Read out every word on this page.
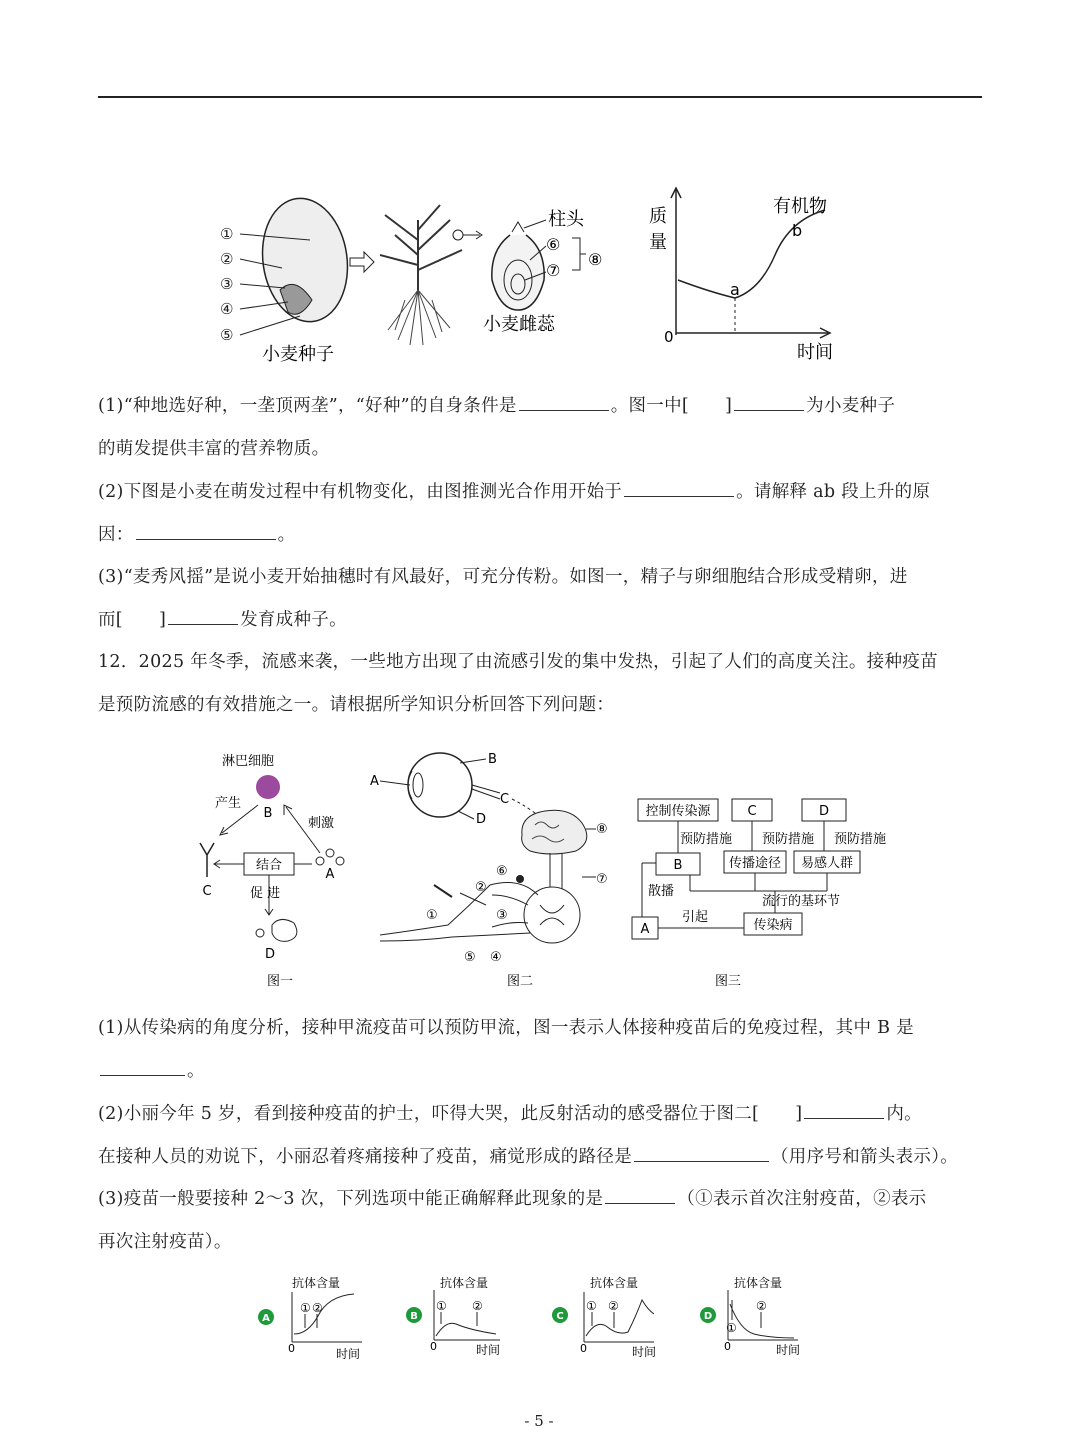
①
②
③
④
⑤
小麦种子
柱头
⑥
⑦
⑧
小麦雌蕊
质
量
0
时间
有机物
b
a
(1)“种地选好种，一垄顶两垄”，“好种”的自身条件是	。图一中[ ]	为小麦种子
的萌发提供丰富的营养物质。
(2)下图是小麦在萌发过程中有机物变化，由图推测光合作用开始于	。请解释 ab 段上升的原
因：	。
(3)“麦秀风摇”是说小麦开始抽穗时有风最好，可充分传粉。如图一，精子与卵细胞结合形成受精卵，进
而[ ]	发育成种子。
12．2025 年冬季，流感来袭，一些地方出现了由流感引发的集中发热，引起了人们的高度关注。接种疫苗
是预防流感的有效措施之一。请根据所学知识分析回答下列问题：
淋巴细胞
B
产生
刺激
C
结合
A
促 进
D
图一
A
B
C
D
①
②
③
④
⑤
⑥
⑦
⑧
图二
控制传染源	C	D
预防措施 预防措施 预防措施
B	传播途径 易感人群
散播
流行的基环节
A
引起
传染病
图三
(1)从传染病的角度分析，接种甲流疫苗可以预防甲流，图一表示人体接种疫苗后的免疫过程，其中 B 是
。
(2)小丽今年 5 岁，看到接种疫苗的护士，吓得大哭，此反射活动的感受器位于图二[ ]	内。
在接种人员的劝说下，小丽忍着疼痛接种了疫苗，痛觉形成的路径是	（用序号和箭头表示）。
(3)疫苗一般要接种 2～3 次，下列选项中能正确解释此现象的是	（①表示首次注射疫苗，②表示
再次注射疫苗）。
A
抗体含量
① ②
0	时间
B
抗体含量
① ②
0	时间
C
抗体含量
① ②
0	时间
D
抗体含量
①
②
0	时间
- 5 -
